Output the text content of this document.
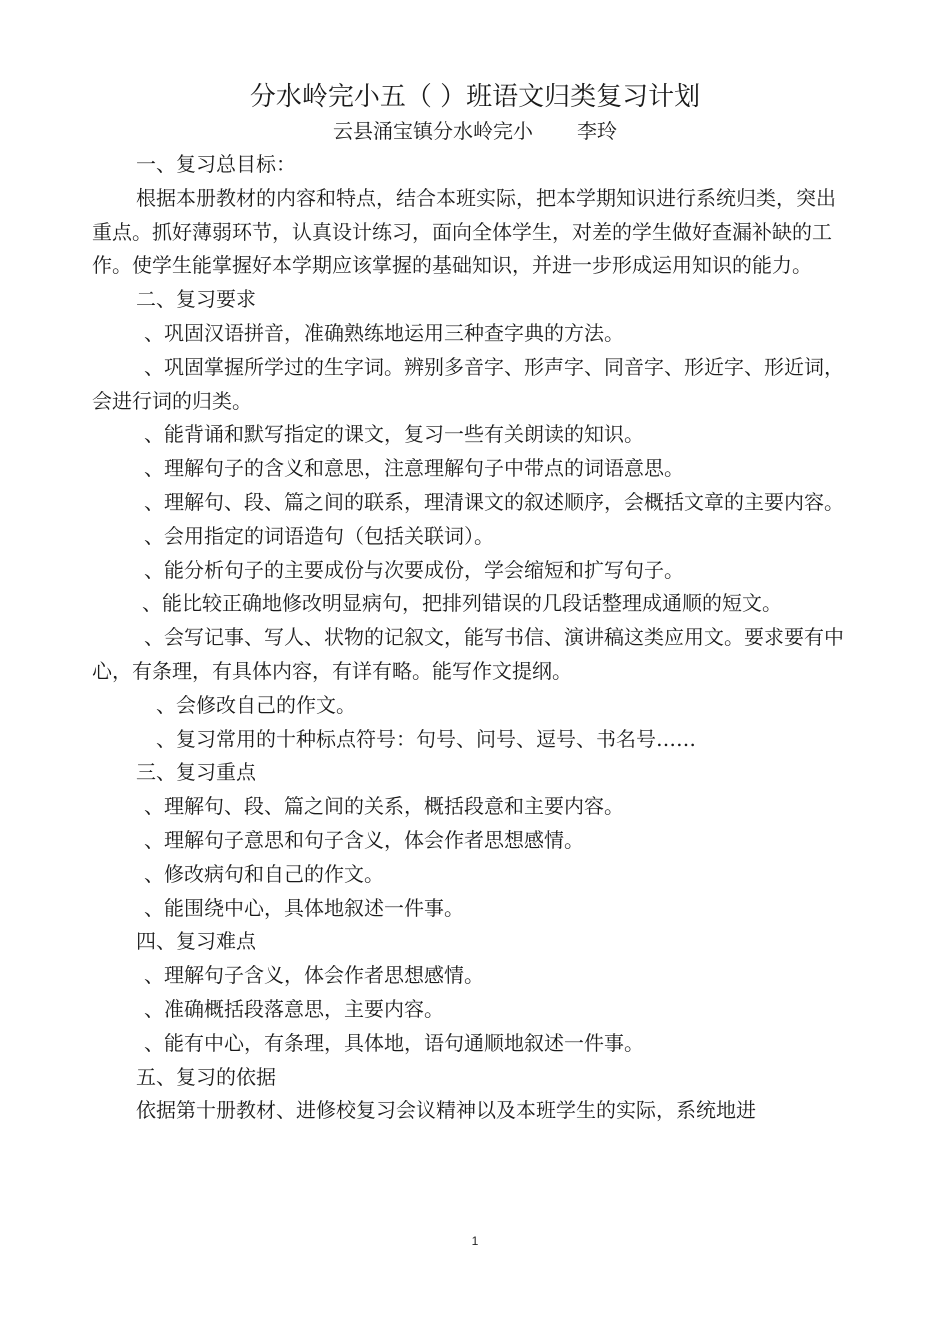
分水岭完小五（ ）班语文归类复习计划
云县涌宝镇分水岭完小 李玲

一、复习总目标：

根据本册教材的内容和特点，结合本班实际，把本学期知识进行系统归类，突出重点。抓好薄弱环节，认真设计练习，面向全体学生，对差的学生做好查漏补缺的工作。使学生能掌握好本学期应该掌握的基础知识，并进一步形成运用知识的能力。

二、复习要求

、巩固汉语拼音，准确熟练地运用三种查字典的方法。

、巩固掌握所学过的生字词。辨别多音字、形声字、同音字、形近字、形近词，会进行词的归类。

、能背诵和默写指定的课文，复习一些有关朗读的知识。

、理解句子的含义和意思，注意理解句子中带点的词语意思。

、理解句、段、篇之间的联系，理清课文的叙述顺序，会概括文章的主要内容。

、会用指定的词语造句（包括关联词）。

、能分析句子的主要成份与次要成份，学会缩短和扩写句子。

、能比较正确地修改明显病句，把排列错误的几段话整理成通顺的短文。

、会写记事、写人、状物的记叙文，能写书信、演讲稿这类应用文。要求要有中心，有条理，有具体内容，有详有略。能写作文提纲。

、会修改自己的作文。

、复习常用的十种标点符号：句号、问号、逗号、书名号……

三、复习重点

、理解句、段、篇之间的关系，概括段意和主要内容。

、理解句子意思和句子含义，体会作者思想感情。

、修改病句和自己的作文。

、能围绕中心，具体地叙述一件事。

四、复习难点

、理解句子含义，体会作者思想感情。

、准确概括段落意思，主要内容。

、能有中心，有条理，具体地，语句通顺地叙述一件事。

五、复习的依据

依据第十册教材、进修校复习会议精神以及本班学生的实际，系统地进

1
